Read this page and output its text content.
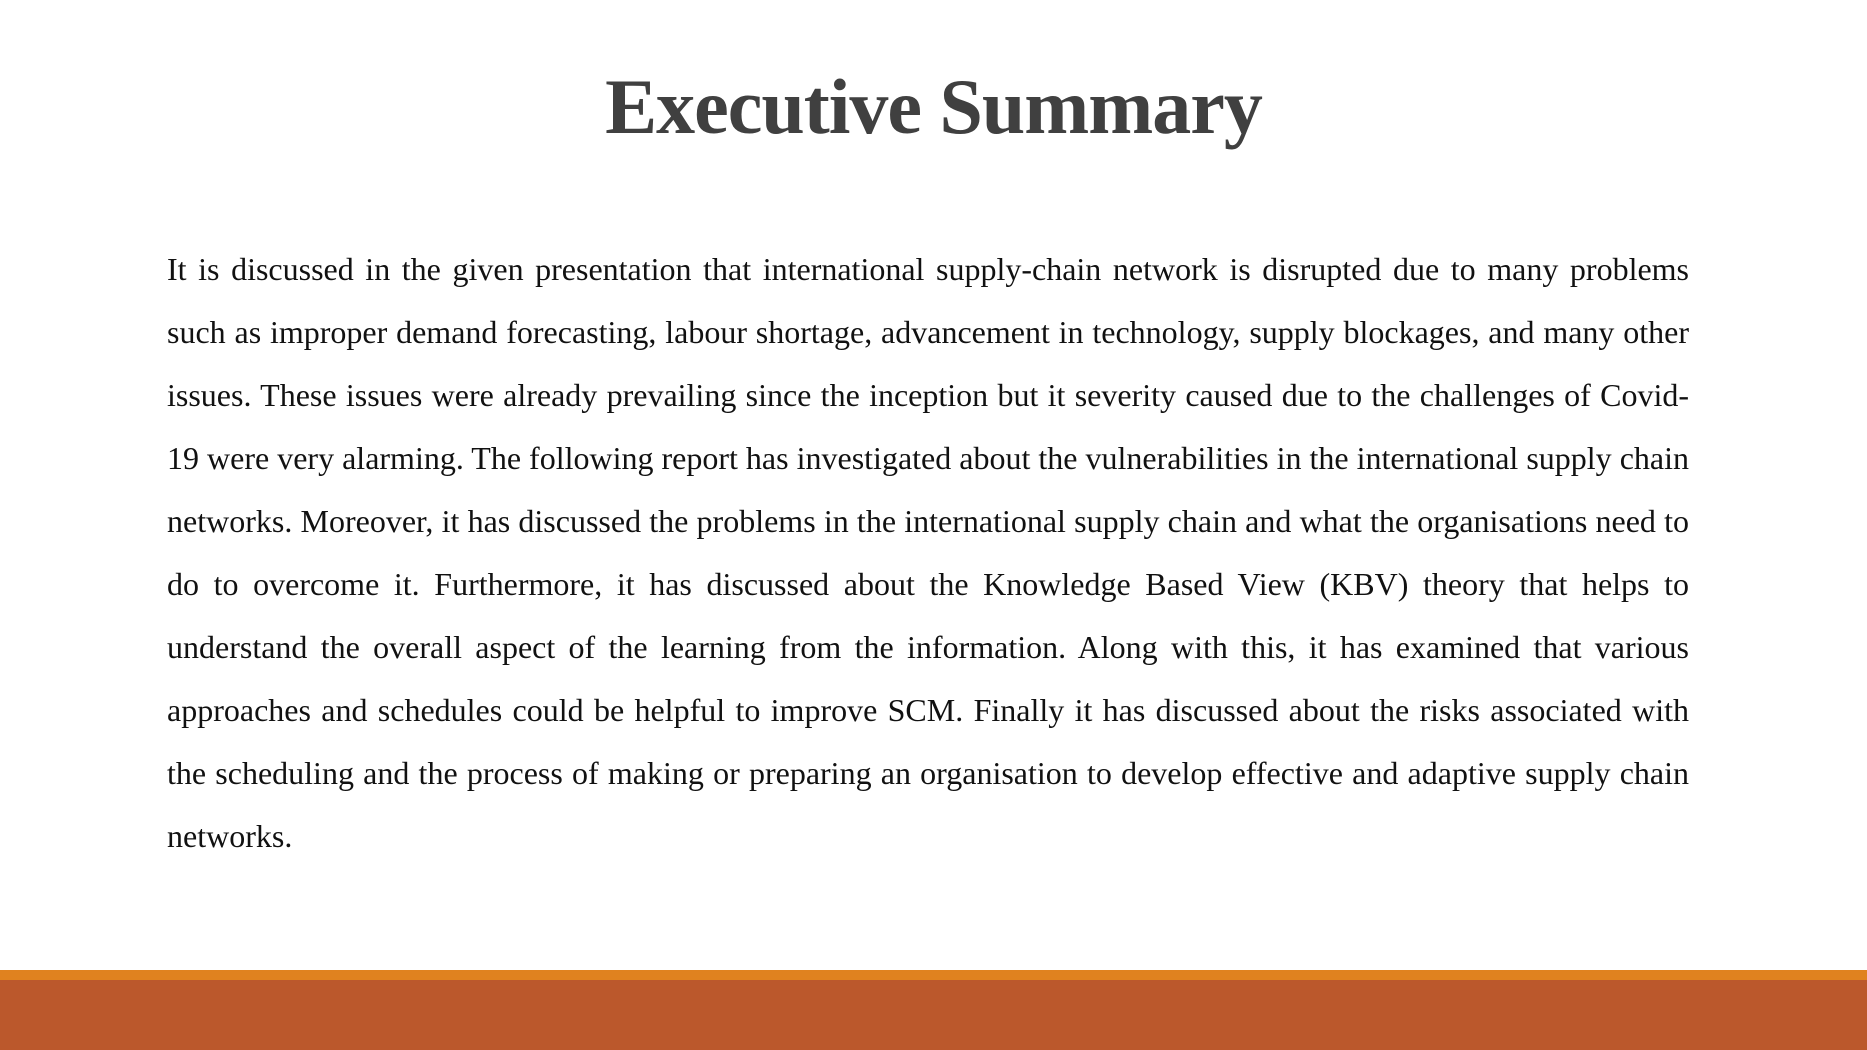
Executive Summary

It is discussed in the given presentation that international supply-chain network is disrupted due to many problems such as improper demand forecasting, labour shortage, advancement in technology, supply blockages, and many other issues. These issues were already prevailing since the inception but it severity caused due to the challenges of Covid-19 were very alarming. The following report has investigated about the vulnerabilities in the international supply chain networks. Moreover, it has discussed the problems in the international supply chain and what the organisations need to do to overcome it. Furthermore, it has discussed about the Knowledge Based View (KBV) theory that helps to understand the overall aspect of the learning from the information. Along with this, it has examined that various approaches and schedules could be helpful to improve SCM. Finally it has discussed about the risks associated with the scheduling and the process of making or preparing an organisation to develop effective and adaptive supply chain networks.
